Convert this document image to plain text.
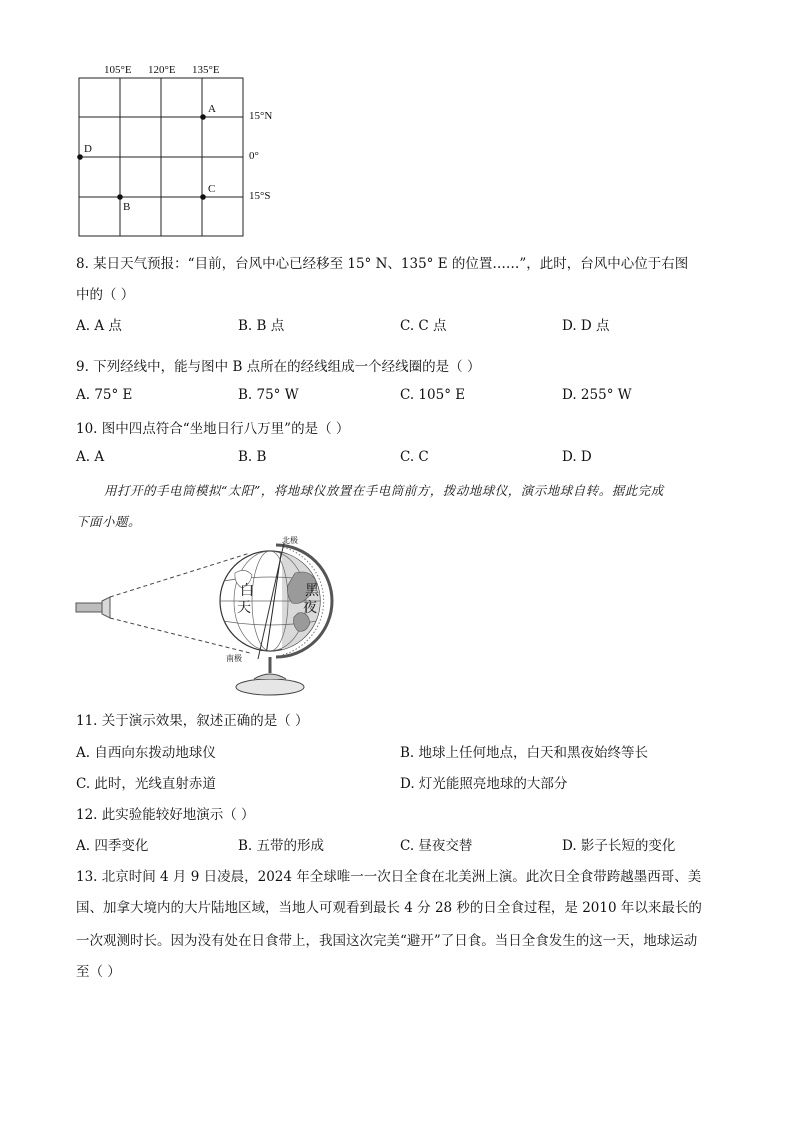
105°E 120°E 135°E
A
B
C
D
15°N
0°
15°S
8. 某日天气预报：“目前，台风中心已经移至 15° N、135° E 的位置……”，此时，台风中心位于右图
中的（ ）
A. A 点	B. B 点	C. C 点	D. D 点
9. 下列经线中，能与图中 B 点所在的经线组成一个经线圈的是（ ）
A. 75° E	B. 75° W	C. 105° E	D. 255° W
10. 图中四点符合“坐地日行八万里”的是（ ）
A. A	B. B	C. C	D. D
用打开的手电筒模拟“太阳”，将地球仪放置在手电筒前方，拨动地球仪，演示地球自转。据此完成
下面小题。
北极
南极
白
天
黑
夜
11. 关于演示效果，叙述正确的是（ ）
A. 自西向东拨动地球仪	B. 地球上任何地点，白天和黑夜始终等长
C. 此时，光线直射赤道	D. 灯光能照亮地球的大部分
12. 此实验能较好地演示（ ）
A. 四季变化	B. 五带的形成	C. 昼夜交替	D. 影子长短的变化
13. 北京时间 4 月 9 日凌晨，2024 年全球唯一一次日全食在北美洲上演。此次日全食带跨越墨西哥、美
国、加拿大境内的大片陆地区域，当地人可观看到最长 4 分 28 秒的日全食过程，是 2010 年以来最长的
一次观测时长。因为没有处在日食带上，我国这次完美“避开”了日食。当日全食发生的这一天，地球运动
至（ ）
